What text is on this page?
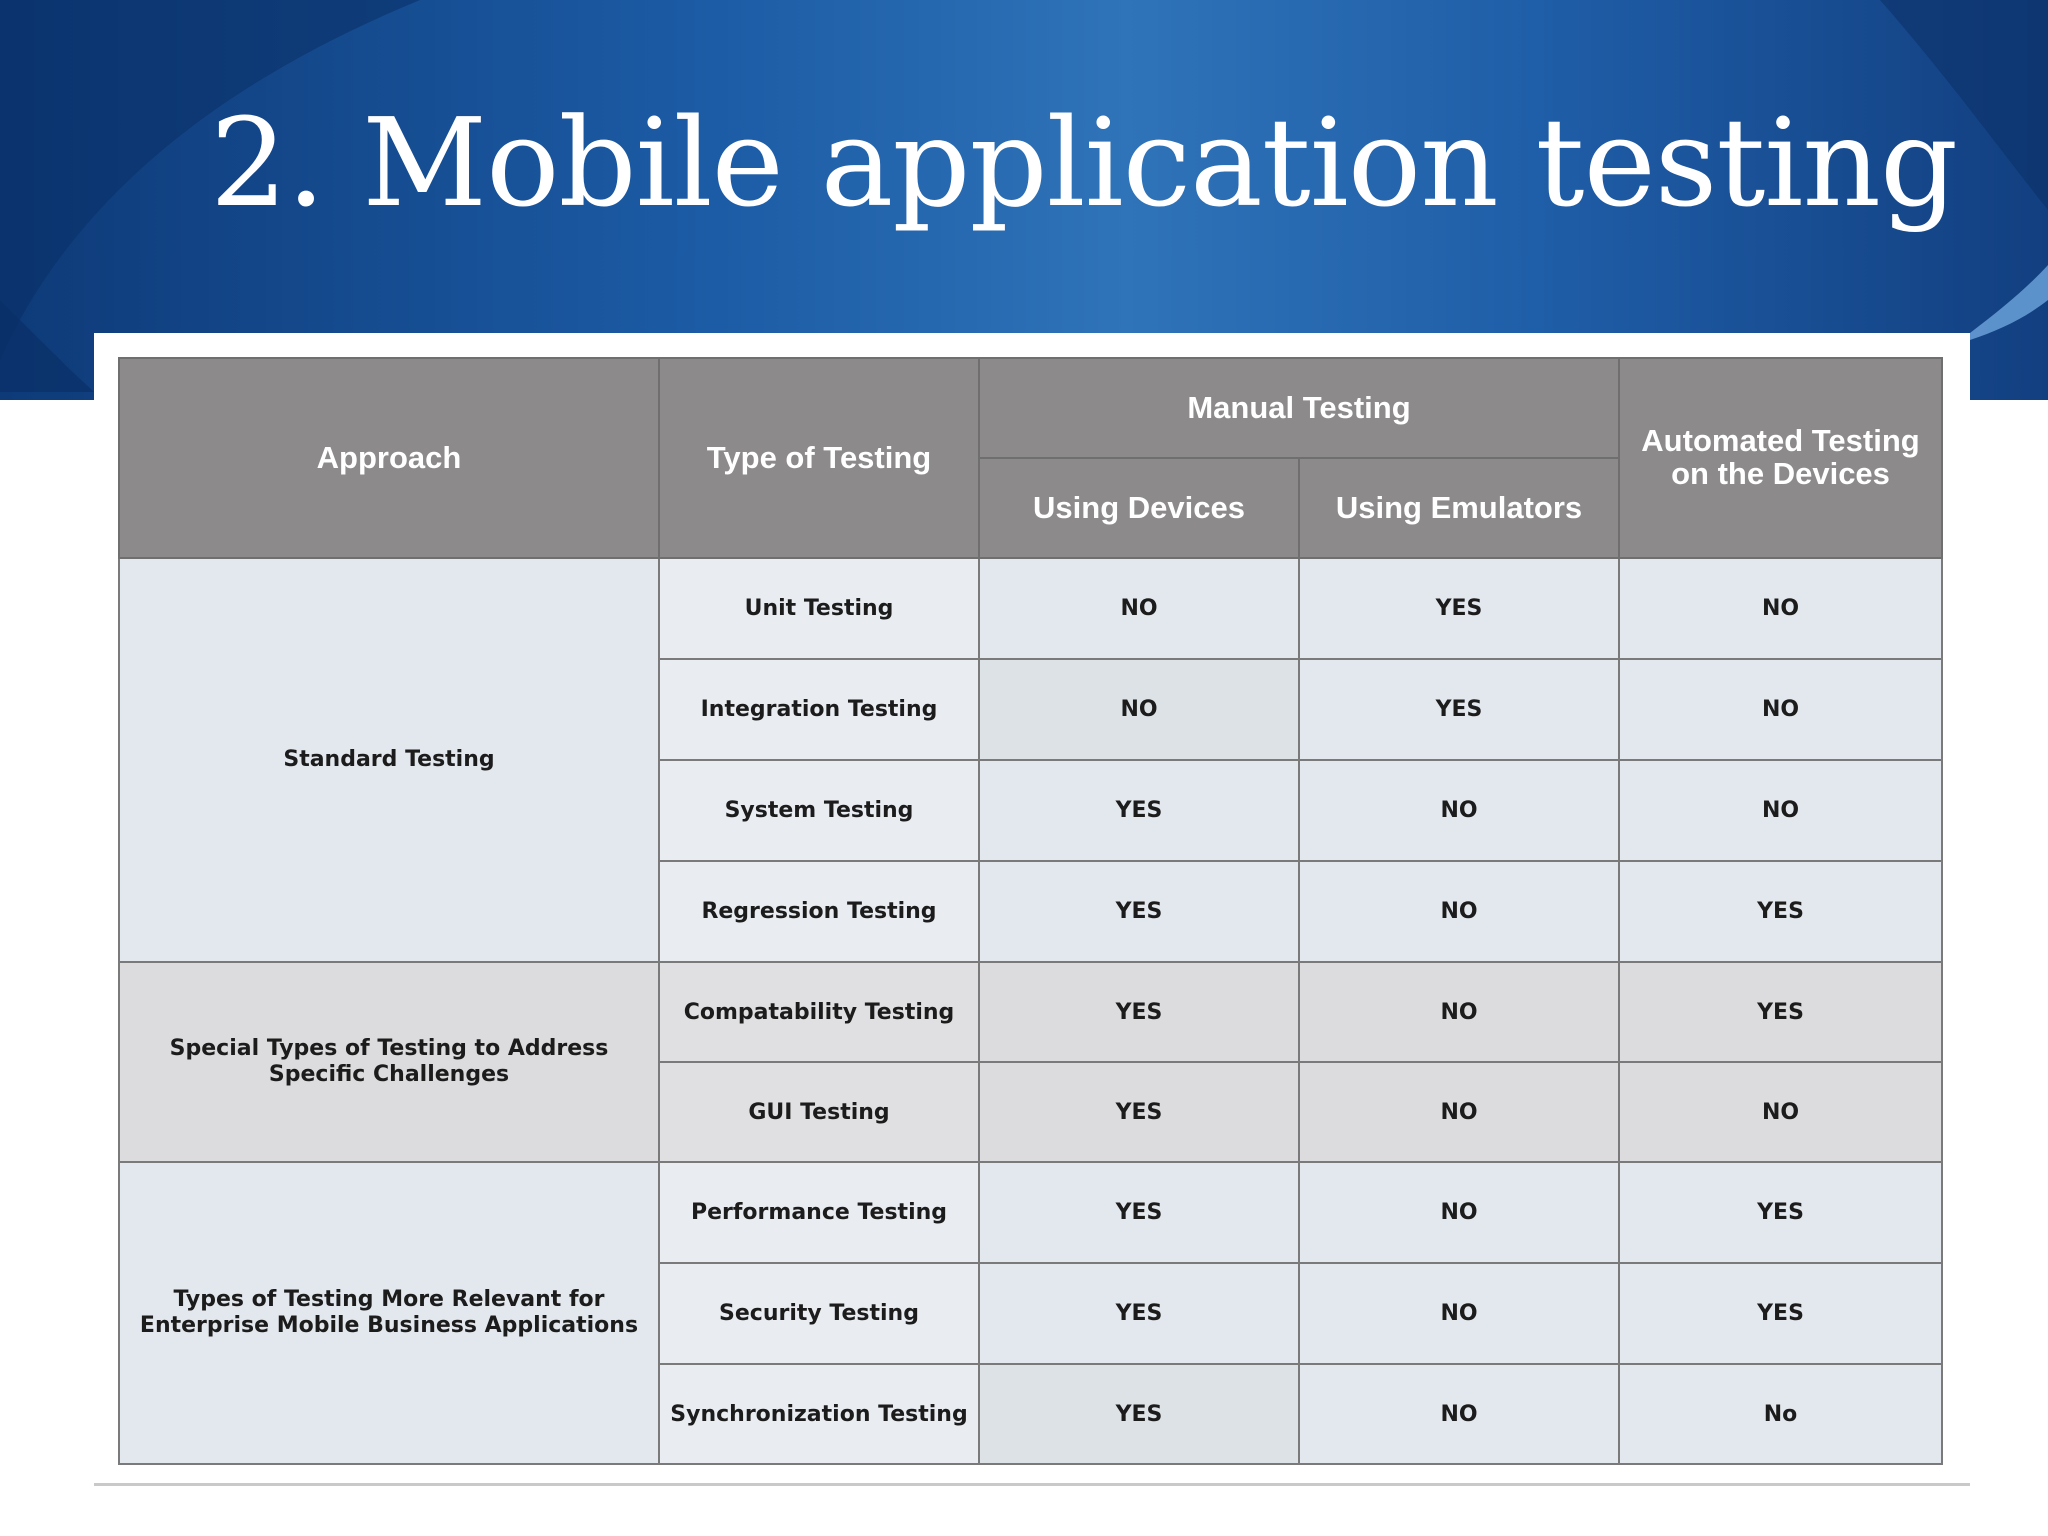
2. Mobile application testing
Approach	Type of Testing	Manual Testing		Automated Testing on the Devices
		Using Devices	Using Emulators	
Standard Testing	Unit Testing	NO	YES	NO
	Integration Testing	NO	YES	NO
	System Testing	YES	NO	NO
	Regression Testing	YES	NO	YES
Special Types of Testing to Address Specific Challenges	Compatability Testing	YES	NO	YES
	GUI Testing	YES	NO	NO
Types of Testing More Relevant for Enterprise Mobile Business Applications	Performance Testing	YES	NO	YES
	Security Testing	YES	NO	YES
	Synchronization Testing	YES	NO	No
